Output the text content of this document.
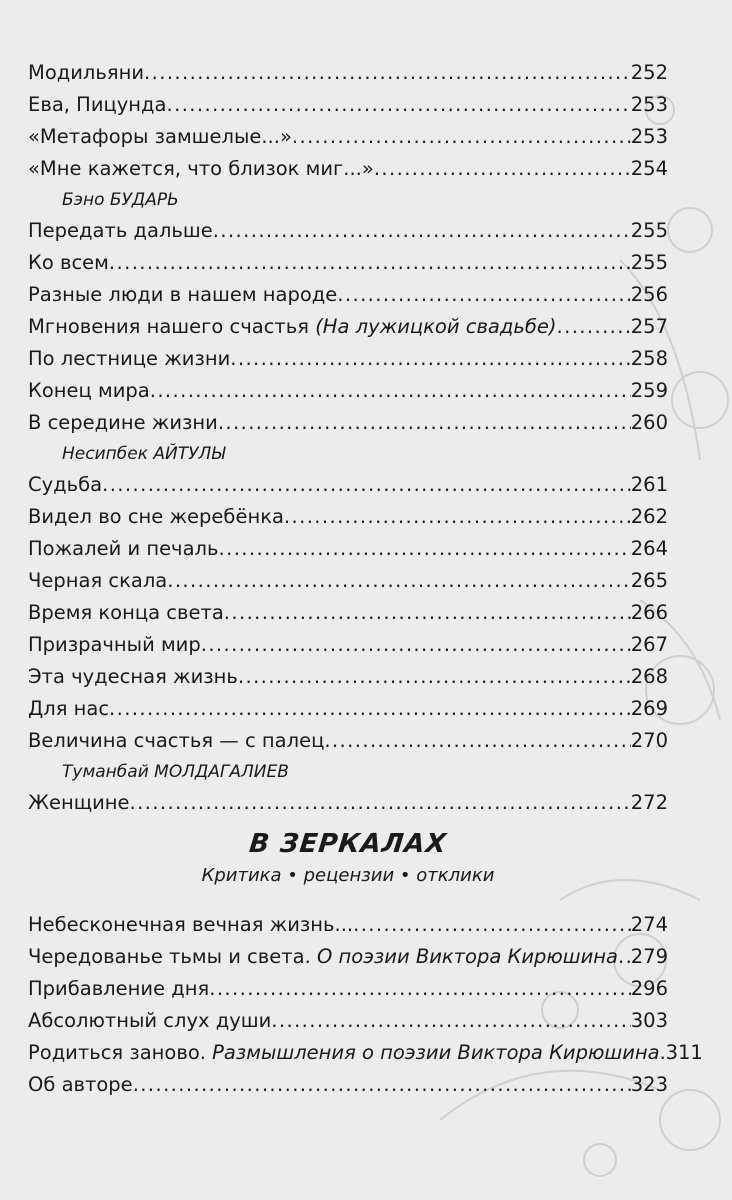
Модильяни . . .	252
Ева, Пицунда . . .	253
«Метафоры замшелые...» . . .	253
«Мне кажется, что близок миг...» . . .	254
Бэно БУДАРЬ
Передать дальше . . .	255
Ко всем . . .	255
Разные люди в нашем народе . . .	256
Мгновения нашего счастья (На лужицкой свадьбе) . . .	257
По лестнице жизни . . .	258
Конец мира . . .	259
В середине жизни . . .	260
Несипбек АЙТУЛЫ
Судьба . . .	261
Видел во сне жеребёнка . . .	262
Пожалей и печаль . . .	264
Черная скала . . .	265
Время конца света . . .	266
Призрачный мир . . .	267
Эта чудесная жизнь . . .	268
Для нас . . .	269
Величина счастья — с палец . . .	270
Туманбай МОЛДАГАЛИЕВ
Женщине . . .	272
В ЗЕРКАЛАХ
Критика • рецензии • отклики
Небесконечная вечная жизнь... . . .	274
Чередованье тьмы и света. О поэзии Виктора Кирюшина . . . 279
Прибавление дня . . .	296
Абсолютный слух души . . .	303
Родиться заново. Размышления о поэзии Виктора Кирюшина . . . 311
Об авторе . . .	323
